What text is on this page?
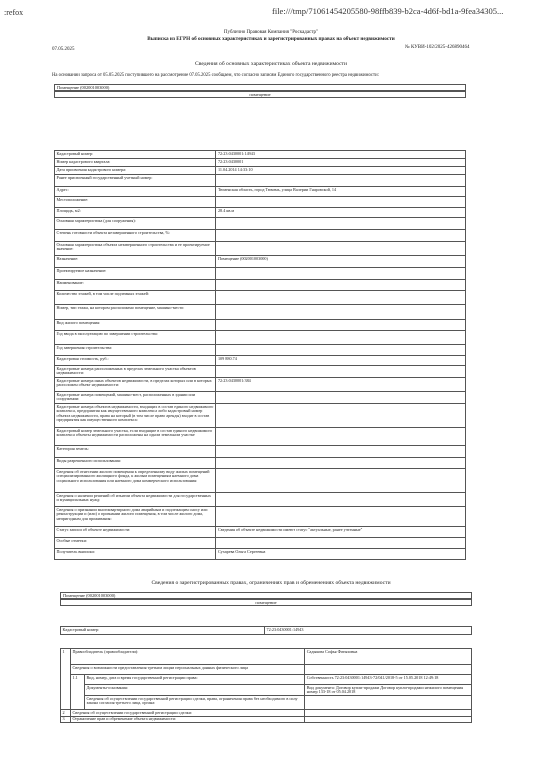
:refox	file:///tmp/71061454205580-98ffb839-b2ca-4d6f-bd1a-9fea34305...
Публично Правовая Компания "Роскадастр"
Выписка из ЕГРН об основных характеристиках и зарегистрированных правах на объект недвижимости
07.05.2025	№ КУВИ-102/2025-426890464
Сведения об основных характеристиках объекта недвижимости
На основании запроса от 05.05.2025 поступившего на рассмотрение 07.05.2025 сообщаем, что согласно записям Единого государственного реестра недвижимости:
Помещение (002001003000)
помещение
Кадастровый номер:	72:23:0430001:14943
Номер кадастрового квартала:	72:23:0430001
Дата присвоения кадастрового номера:	11.04.2014 14:33:10
Ранее присвоенный государственный учетный номер:	
Адрес:	Тюменская область, город Тюмень, улица Валерии Гнаровской, 14
Местоположение:	
Площадь, м2:	28.4 кв.м
Основная характеристика (для сооружения):	
Степень готовности объекта незавершенного строительства, %:	
Основная характеристика объекта незавершенного строительства и ее проектируемое значение:	
Назначение:	Помещение (002001003000)
Проектируемое назначение:	
Наименование:	
Количество этажей, в том числе подземных этажей:	
Номер, тип этажа, на котором расположено помещение, машино-место:	
Вид жилого помещения:	
Год ввода в эксплуатацию по завершении строительства:	
Год завершения строительства:	
Кадастровая стоимость, руб.:	109 880.74
Кадастровые номера расположенных в пределах земельного участка объектов недвижимости:	
Кадастровые номера иных объектов недвижимости, в пределах которых или в которых расположен объект недвижимости:	72:23:0430001:384
Кадастровые номера помещений, машино-мест, расположенных в здании или сооружении:	
Кадастровые номера объектов недвижимости, входящих в состав единого недвижимого комплекса, предприятия как имущественного комплекса либо кадастровый номер объекта недвижимости, права на который (в том числе право аренды) входят в состав предприятия как имущественного комплекса:	
Кадастровый номер земельного участка, если входящие в состав единого недвижимого комплекса объекты недвижимости расположены на одном земельном участке	
Категория земель:	
Виды разрешенного использования:	
Сведения об отнесении жилого помещения к определенному виду жилых помещений специализированного жилищного фонда, к жилым помещениям наемного дома социального использования или наемного дома коммерческого использования:	
Сведения о наличии решений об изъятии объекта недвижимости для государственных и муниципальных нужд:	
Сведения о признании многоквартирного дома аварийным и подлежащим сносу или реконструкции и (или) о признании жилого помещения, в том числе жилого дома, непригодным для проживания:	
Статус записи об объекте недвижимости:	Сведения об объекте недвижимости имеют статус "актуальные, ранее учтенные"
Особые отметки:	
Получатель выписки:	Сухарева Ольга Сергеевна
Сведения о зарегистрированных правах, ограничениях прав и обременениях объекта недвижимости
Помещение (002001003000)
помещение
Кадастровый номер:	72:23:0430001:14943
1	Правообладатель (правообладатели):		Садыкова Софья Фатыховна
	Сведения о возможности предоставления третьим лицам персональных данных физического лица		
	1.1	Вид, номер, дата и время государственной регистрации права:	Собственность 72:23:0430001:14943-72/041/2018-5 от 15.05.2018 12:49:18
		Документы-основания:	Вид документа: Договор купли-продажи Договор купли-продажи нежилого помещения номер 133-18 от 05.04.2018
		Сведения об осуществлении государственной регистрации сделки, права, ограничения права без необходимого в силу закона согласия третьего лица, органа:	
2	Сведения об осуществлении государственной регистрации сделки:		
3	Ограничение прав и обременение объекта недвижимости:		
